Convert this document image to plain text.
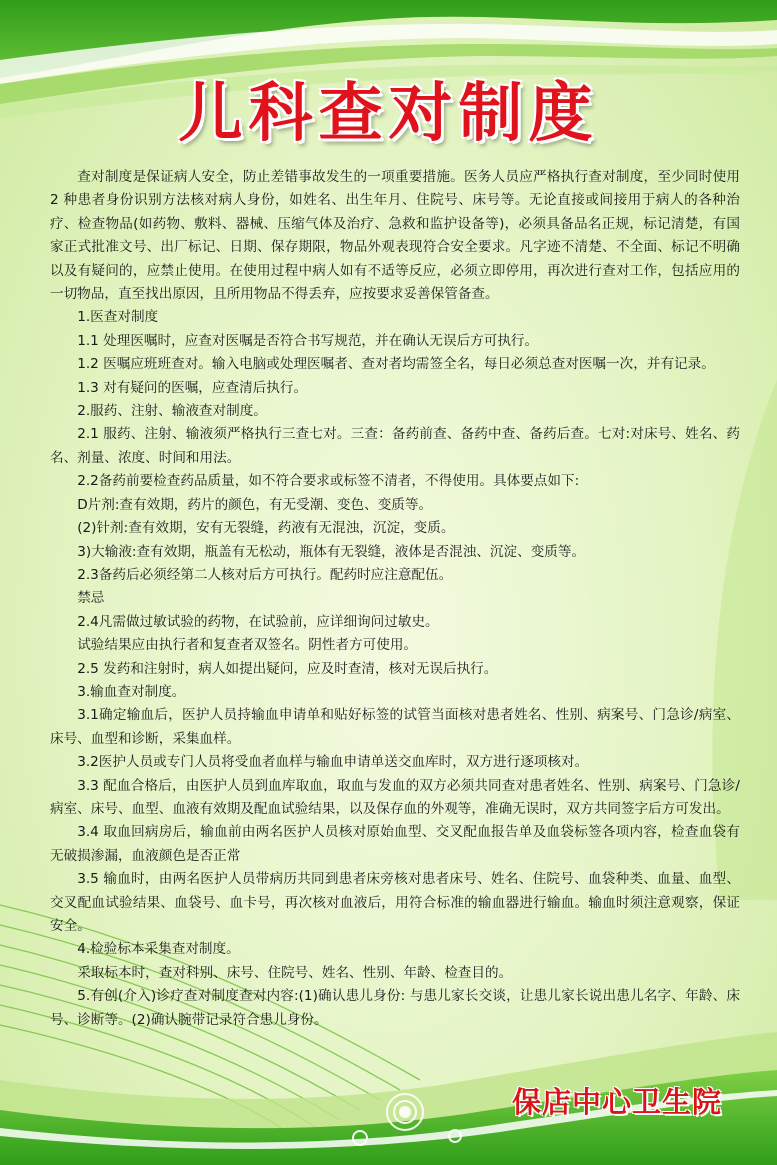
儿科查对制度

查对制度是保证病人安全，防止差错事故发生的一项重要措施。医务人员应严格执行查对制度，至少同时使用 2 种患者身份识别方法核对病人身份，如姓名、出生年月、住院号、床号等。无论直接或间接用于病人的各种治疗、检查物品(如药物、敷料、器械、压缩气体及治疗、急救和监护设备等)，必须具备品名正规，标记清楚，有国家正式批准文号、出厂标记、日期、保存期限，物品外观表现符合安全要求。凡字迹不清楚、不全面、标记不明确以及有疑问的，应禁止使用。在使用过程中病人如有不适等反应，必须立即停用，再次进行查对工作，包括应用的一切物品，直至找出原因，且所用物品不得丢弃，应按要求妥善保管备查。

1.医查对制度

1.1 处理医嘱时，应查对医嘱是否符合书写规范，并在确认无误后方可执行。

1.2 医嘱应班班查对。输入电脑或处理医嘱者、查对者均需签全名，每日必须总查对医嘱一次，并有记录。

1.3 对有疑问的医嘱，应查清后执行。

2.服药、注射、输液查对制度。

2.1 服药、注射、输液须严格执行三查七对。三查：备药前查、备药中查、备药后查。七对:对床号、姓名、药名、剂量、浓度、时间和用法。

2.2备药前要检查药品质量，如不符合要求或标签不清者，不得使用。具体要点如下:

D片剂:查有效期，药片的颜色，有无受潮、变色、变质等。

(2)针剂:查有效期，安有无裂缝，药液有无混浊，沉淀，变质。

3)大输液:查有效期，瓶盖有无松动，瓶体有无裂缝，液体是否混浊、沉淀、变质等。

2.3备药后必须经第二人核对后方可执行。配药时应注意配伍。

禁忌

2.4凡需做过敏试验的药物，在试验前，应详细询问过敏史。

试验结果应由执行者和复查者双签名。阴性者方可使用。

2.5 发药和注射时，病人如提出疑问，应及时查清，核对无误后执行。

3.输血查对制度。

3.1确定输血后，医护人员持输血申请单和贴好标签的试管当面核对患者姓名、性别、病案号、门急诊/病室、床号、血型和诊断，采集血样。

3.2医护人员或专门人员将受血者血样与输血申请单送交血库时，双方进行逐项核对。

3.3 配血合格后，由医护人员到血库取血，取血与发血的双方必须共同查对患者姓名、性别、病案号、门急诊/病室、床号、血型、血液有效期及配血试验结果，以及保存血的外观等，准确无误时，双方共同签字后方可发出。

3.4 取血回病房后，输血前由两名医护人员核对原始血型、交叉配血报告单及血袋标签各项内容，检查血袋有无破损渗漏，血液颜色是否正常

3.5 输血时，由两名医护人员带病历共同到患者床旁核对患者床号、姓名、住院号、血袋种类、血量、血型、交叉配血试验结果、血袋号、血卡号，再次核对血液后，用符合标准的输血器进行输血。输血时须注意观察，保证安全。

4.检验标本采集查对制度。

采取标本时，查对科别、床号、住院号、姓名、性别、年龄、检查目的。

5.有创(介入)诊疗查对制度查对内容:(1)确认患儿身份: 与患儿家长交谈，让患儿家长说出患儿名字、年龄、床号、诊断等。(2)确认腕带记录符合患儿身份。

保店中心卫生院
